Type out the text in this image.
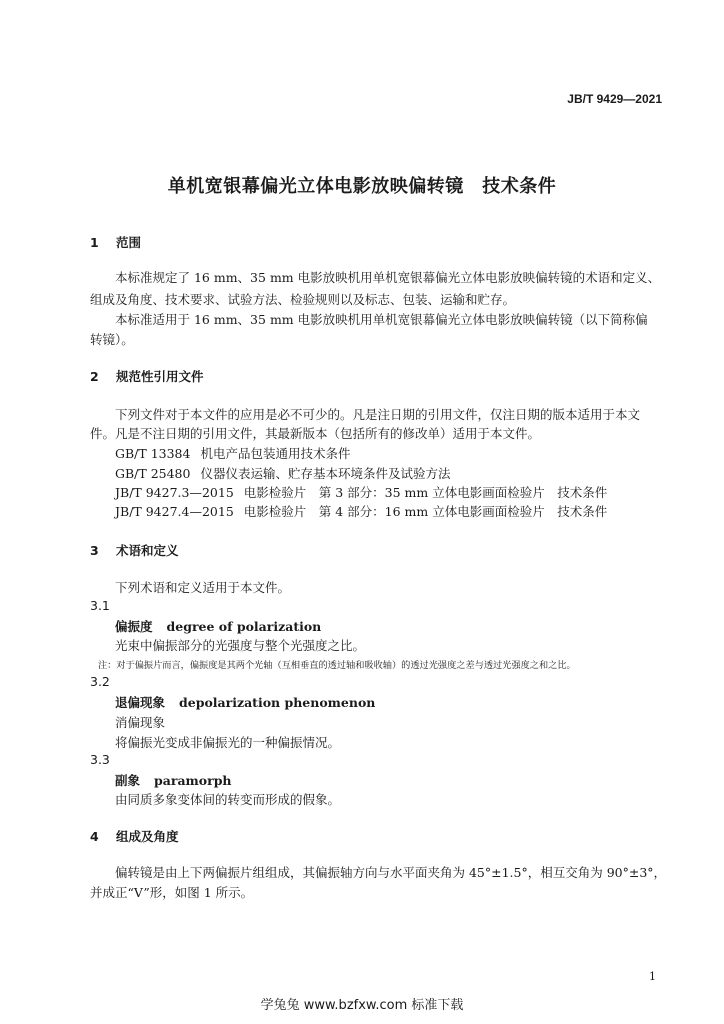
JB/T 9429—2021
单机宽银幕偏光立体电影放映偏转镜　技术条件
1 范围
本标准规定了 16 mm、35 mm 电影放映机用单机宽银幕偏光立体电影放映偏转镜的术语和定义、
组成及角度、技术要求、试验方法、检验规则以及标志、包装、运输和贮存。
本标准适用于 16 mm、35 mm 电影放映机用单机宽银幕偏光立体电影放映偏转镜（以下简称偏
转镜）。
2 规范性引用文件
下列文件对于本文件的应用是必不可少的。凡是注日期的引用文件，仅注日期的版本适用于本文
件。凡是不注日期的引用文件，其最新版本（包括所有的修改单）适用于本文件。
GB/T 13384 机电产品包装通用技术条件
GB/T 25480 仪器仪表运输、贮存基本环境条件及试验方法
JB/T 9427.3—2015 电影检验片　第 3 部分：35 mm 立体电影画面检验片　技术条件
JB/T 9427.4—2015 电影检验片　第 4 部分：16 mm 立体电影画面检验片　技术条件
3 术语和定义
下列术语和定义适用于本文件。
3.1
偏振度 degree of polarization
光束中偏振部分的光强度与整个光强度之比。
注：对于偏振片而言，偏振度是其两个光轴（互相垂直的透过轴和吸收轴）的透过光强度之差与透过光强度之和之比。
3.2
退偏现象 depolarization phenomenon
消偏现象
将偏振光变成非偏振光的一种偏振情况。
3.3
副象 paramorph
由同质多象变体间的转变而形成的假象。
4 组成及角度
偏转镜是由上下两偏振片组组成，其偏振轴方向与水平面夹角为 45°±1.5°，相互交角为 90°±3°，
并成正“V”形，如图 1 所示。
1
学兔兔 www.bzfxw.com 标准下载
